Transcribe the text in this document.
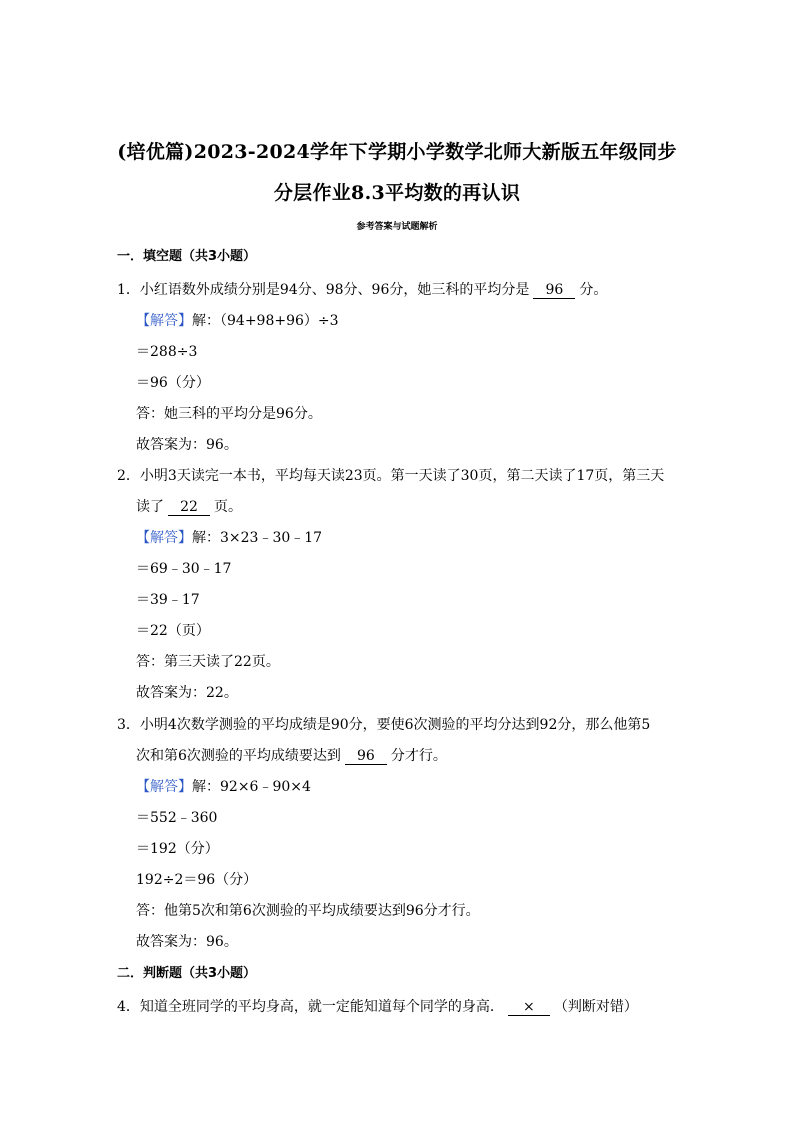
(培优篇)2023-2024学年下学期小学数学北师大新版五年级同步
分层作业8.3平均数的再认识
参考答案与试题解析
一．填空题（共3小题）
1．小红语数外成绩分别是94分、98分、96分，她三科的平均分是 96 分。
【解答】解：（94+98+96）÷3
＝288÷3
＝96（分）
答：她三科的平均分是96分。
故答案为：96。
2．小明3天读完一本书，平均每天读23页。第一天读了30页，第二天读了17页，第三天
读了 22 页。
【解答】解：3×23﹣30﹣17
＝69﹣30﹣17
＝39﹣17
＝22（页）
答：第三天读了22页。
故答案为：22。
3．小明4次数学测验的平均成绩是90分，要使6次测验的平均分达到92分，那么他第5
次和第6次测验的平均成绩要达到 96 分才行。
【解答】解：92×6﹣90×4
＝552﹣360
＝192（分）
192÷2＝96（分）
答：他第5次和第6次测验的平均成绩要达到96分才行。
故答案为：96。
二．判断题（共3小题）
4．知道全班同学的平均身高，就一定能知道每个同学的身高． × （判断对错）
